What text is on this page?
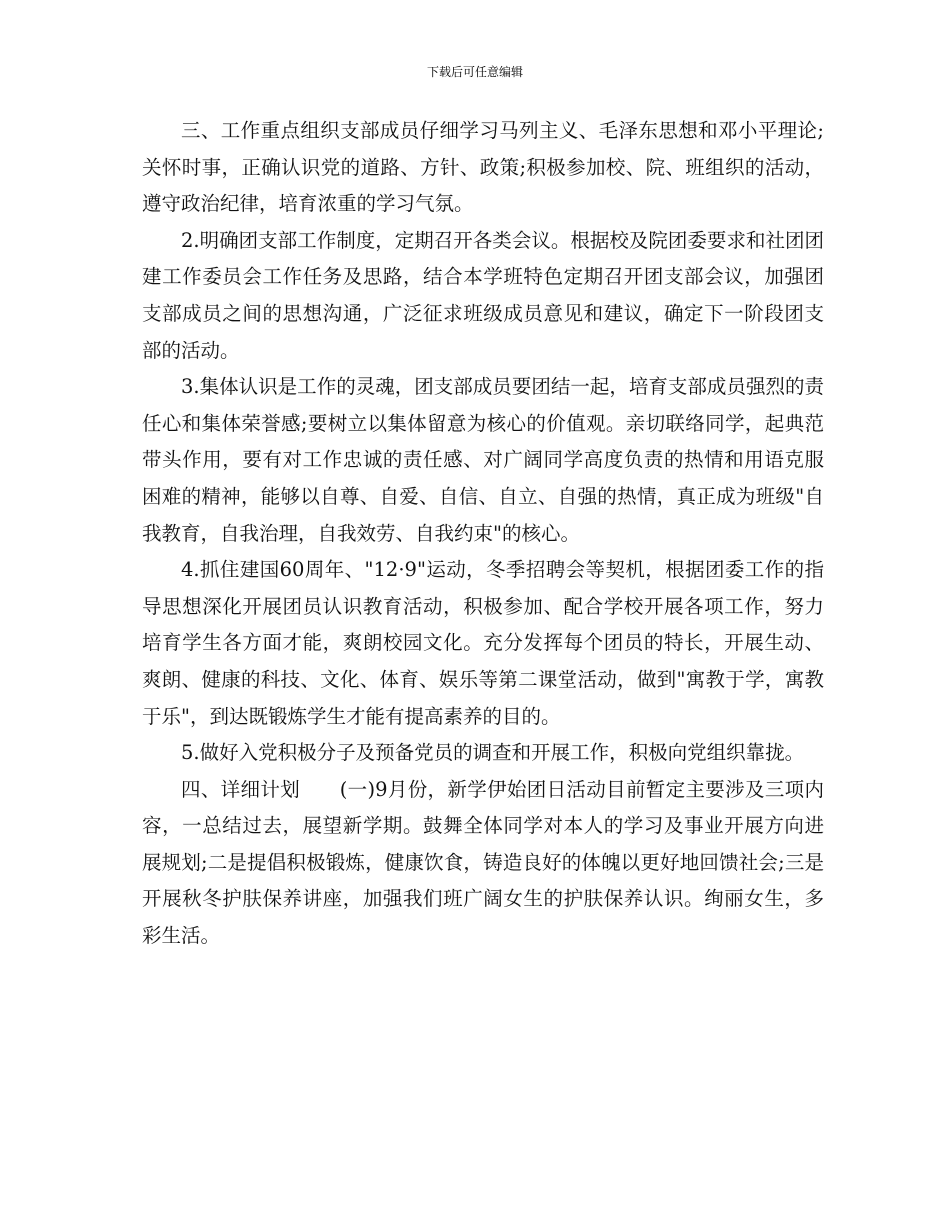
下载后可任意编辑

三、工作重点组织支部成员仔细学习马列主义、毛泽东思想和邓小平理论;关怀时事，正确认识党的道路、方针、政策;积极参加校、院、班组织的活动，遵守政治纪律，培育浓重的学习气氛。

2.明确团支部工作制度，定期召开各类会议。根据校及院团委要求和社团团建工作委员会工作任务及思路，结合本学班特色定期召开团支部会议，加强团支部成员之间的思想沟通，广泛征求班级成员意见和建议，确定下一阶段团支部的活动。

3.集体认识是工作的灵魂，团支部成员要团结一起，培育支部成员强烈的责任心和集体荣誉感;要树立以集体留意为核心的价值观。亲切联络同学，起典范带头作用，要有对工作忠诚的责任感、对广阔同学高度负责的热情和用语克服困难的精神，能够以自尊、自爱、自信、自立、自强的热情，真正成为班级"自我教育，自我治理，自我效劳、自我约束"的核心。

4.抓住建国60周年、"12·9"运动，冬季招聘会等契机，根据团委工作的指导思想深化开展团员认识教育活动，积极参加、配合学校开展各项工作，努力培育学生各方面才能，爽朗校园文化。充分发挥每个团员的特长，开展生动、爽朗、健康的科技、文化、体育、娱乐等第二课堂活动，做到"寓教于学，寓教于乐"，到达既锻炼学生才能有提高素养的目的。

5.做好入党积极分子及预备党员的调查和开展工作，积极向党组织靠拢。

四、详细计划　　(一)9月份，新学伊始团日活动目前暂定主要涉及三项内容，一总结过去，展望新学期。鼓舞全体同学对本人的学习及事业开展方向进展规划;二是提倡积极锻炼，健康饮食，铸造良好的体魄以更好地回馈社会;三是开展秋冬护肤保养讲座，加强我们班广阔女生的护肤保养认识。绚丽女生，多彩生活。
